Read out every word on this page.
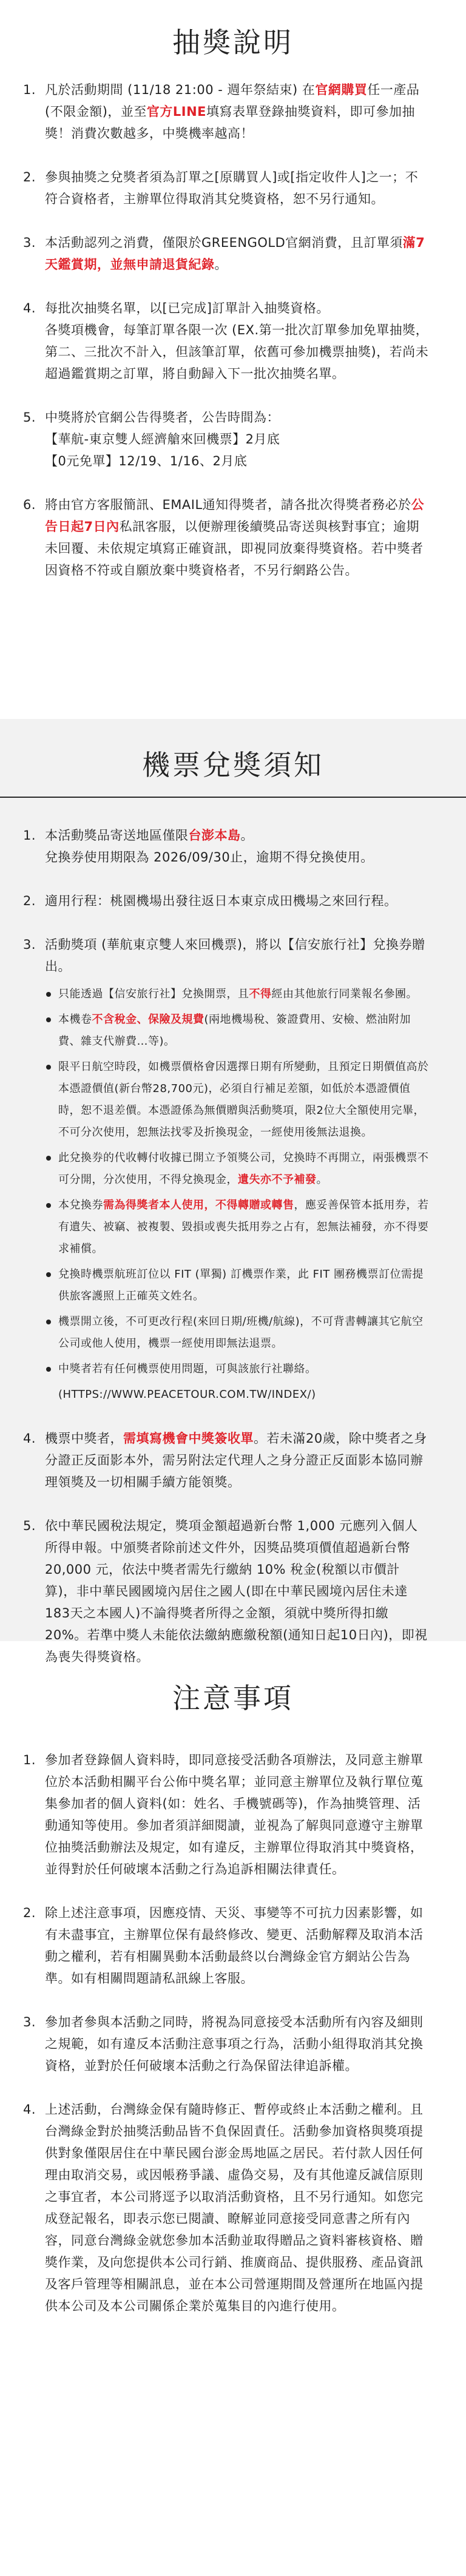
抽獎說明
1. 凡於活動期間 (11/18 21:00 - 週年祭結束) 在官網購買任一產品 (不限金額)，並至官方LINE填寫表單登錄抽獎資料，即可參加抽獎！消費次數越多，中獎機率越高！
2. 參與抽獎之兌獎者須為訂單之[原購買人]或[指定收件人]之一；不符合資格者，主辦單位得取消其兌獎資格，恕不另行通知。
3. 本活動認列之消費，僅限於GREENGOLD官網消費，且訂單須滿7天鑑賞期，並無申請退貨紀錄。
4. 每批次抽獎名單，以[已完成]訂單計入抽獎資格。
各獎項機會，每筆訂單各限一次 (EX.第一批次訂單參加免單抽獎，第二、三批次不計入，但該筆訂單，依舊可參加機票抽獎)，若尚未超過鑑賞期之訂單，將自動歸入下一批次抽獎名單。
5. 中獎將於官網公告得獎者，公告時間為：
【華航-東京雙人經濟艙來回機票】2月底
【0元免單】12/19、1/16、2月底
6. 將由官方客服簡訊、EMAIL通知得獎者，請各批次得獎者務必於公告日起7日內私訊客服，以便辦理後續獎品寄送與核對事宜；逾期未回覆、未依規定填寫正確資訊，即視同放棄得獎資格。若中獎者因資格不符或自願放棄中獎資格者，不另行網路公告。
機票兌獎須知
1. 本活動獎品寄送地區僅限台澎本島。
兌換券使用期限為 2026/09/30止，逾期不得兌換使用。
2. 適用行程：桃園機場出發往返日本東京成田機場之來回行程。
3. 活動獎項 (華航東京雙人來回機票)，將以【信安旅行社】兌換券贈出。
只能透過【信安旅行社】兌換開票，且不得經由其他旅行同業報名參團。
本機卷不含稅金、保險及規費(兩地機場稅、簽證費用、安檢、燃油附加費、雜支代辦費…等)。
限平日航空時段，如機票價格會因選擇日期有所變動，且預定日期價值高於本憑證價值(新台幣28,700元)，必須自行補足差額，如低於本憑證價值時，恕不退差價。本憑證係為無價贈與活動獎項，限2位大全額使用完畢，不可分次使用，恕無法找零及折換現金，一經使用後無法退換。
此兌換券的代收轉付收據已開立予領獎公司，兌換時不再開立，兩張機票不可分開，分次使用，不得兌換現金，遺失亦不予補發。
本兌換券需為得獎者本人使用，不得轉贈或轉售，應妥善保管本抵用券，若有遺失、被竊、被複製、毀損或喪失抵用券之占有，恕無法補發，亦不得要求補償。
兌換時機票航班訂位以 FIT (單獨) 訂機票作業，此 FIT 團務機票訂位需提供旅客護照上正確英文姓名。
機票開立後，不可更改行程(來回日期/班機/航線)，不可背書轉讓其它航空公司或他人使用，機票一經使用即無法退票。
中獎者若有任何機票使用問題，可與該旅行社聯絡。
(HTTPS://WWW.PEACETOUR.COM.TW/INDEX/)
4. 機票中獎者，需填寫機會中獎簽收單。若未滿20歲，除中獎者之身分證正反面影本外，需另附法定代理人之身分證正反面影本協同辦理領獎及一切相關手續方能領獎。
5. 依中華民國稅法規定，獎項金額超過新台幣 1,000 元應列入個人所得申報。中頒獎者除前述文件外，因獎品獎項價值超過新台幣 20,000 元，依法中獎者需先行繳納 10% 稅金(稅額以市價計算)，非中華民國國境內居住之國人(即在中華民國境內居住未達183天之本國人)不論得獎者所得之金額，須就中獎所得扣繳 20%。若準中獎人未能依法繳納應繳稅額(通知日起10日內)，即視為喪失得獎資格。
注意事項
1. 參加者登錄個人資料時，即同意接受活動各項辦法，及同意主辦單位於本活動相關平台公佈中獎名單；並同意主辦單位及執行單位蒐集參加者的個人資料(如：姓名、手機號碼等)，作為抽獎管理、活動通知等使用。參加者須詳細閱讀，並視為了解與同意遵守主辦單位抽獎活動辦法及規定，如有違反，主辦單位得取消其中獎資格，並得對於任何破壞本活動之行為追訴相關法律責任。
2. 除上述注意事項，因應疫情、天災、事變等不可抗力因素影響，如有未盡事宜，主辦單位保有最終修改、變更、活動解釋及取消本活動之權利，若有相關異動本活動最終以台灣綠金官方網站公告為準。如有相關問題請私訊線上客服。
3. 參加者參與本活動之同時，將視為同意接受本活動所有內容及細則之規範，如有違反本活動注意事項之行為，活動小組得取消其兌換資格，並對於任何破壞本活動之行為保留法律追訴權。
4. 上述活動，台灣綠金保有隨時修正、暫停或終止本活動之權利。且台灣綠金對於抽獎活動品皆不負保固責任。活動參加資格與獎項提供對象僅限居住在中華民國台澎金馬地區之居民。若付款人因任何理由取消交易，或因帳務爭議、虛偽交易，及有其他違反誠信原則之事宜者，本公司將逕予以取消活動資格，且不另行通知。如您完成登記報名，即表示您已閱讀、瞭解並同意接受同意書之所有內容，同意台灣綠金就您參加本活動並取得贈品之資料審核資格、贈獎作業，及向您提供本公司行銷、推廣商品、提供服務、產品資訊及客戶管理等相關訊息，並在本公司營運期間及營運所在地區內提供本公司及本公司關係企業於蒐集目的內進行使用。
